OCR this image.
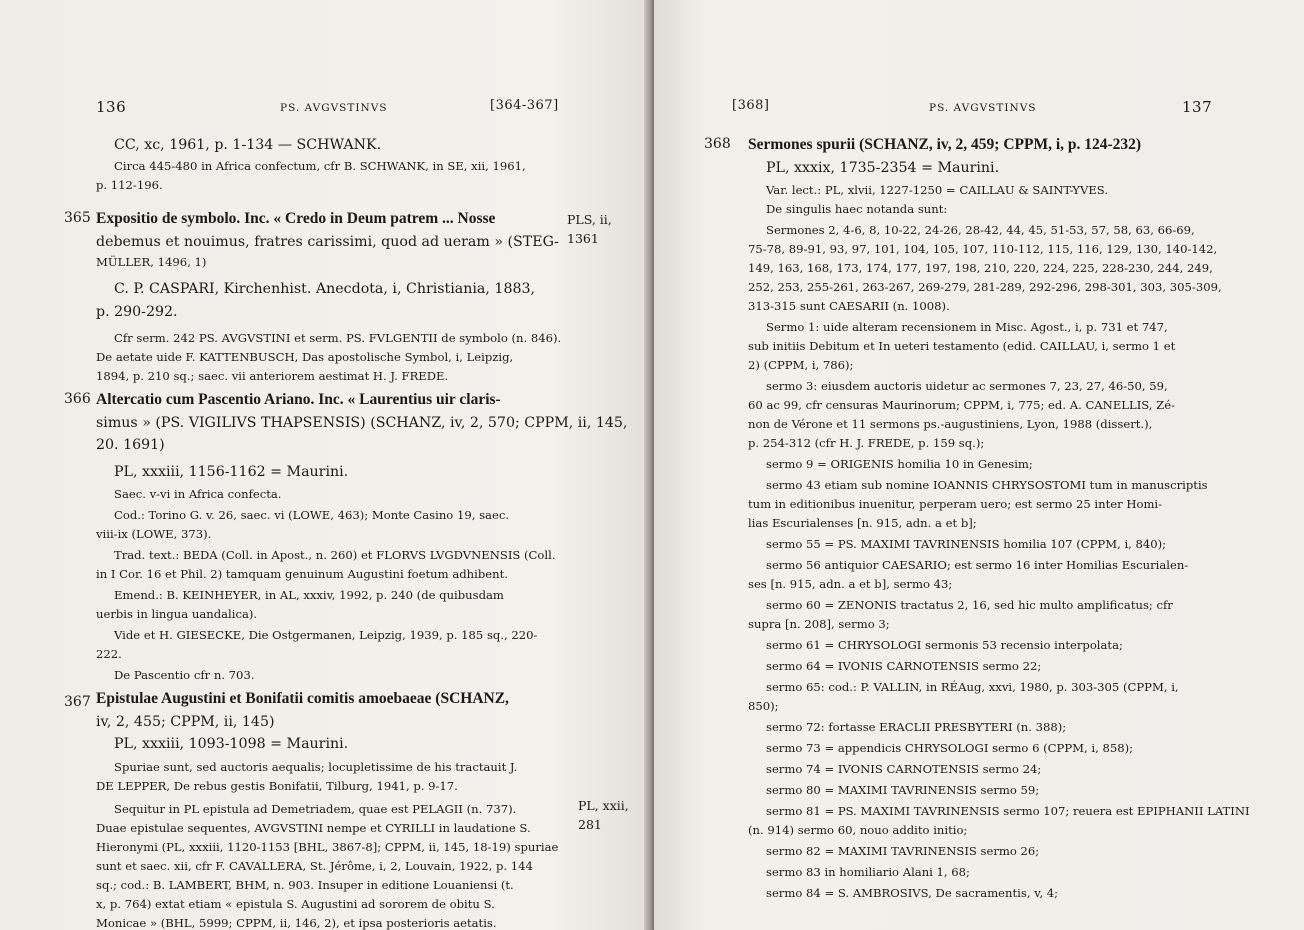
136	PS. AVGVSTINVS	[364-367]

CC, xc, 1961, p. 1-134 — SCHWANK.

Circa 445-480 in Africa confectum, cfr B. SCHWANK, in SE, xii, 1961,

p. 112-196.

365 Expositio de symbolo. Inc. « Credo in Deum patrem ... Nosse

debemus et nouimus, fratres carissimi, quod ad ueram » (STEG-

MÜLLER, 1496, 1)

C. P. CASPARI, Kirchenhist. Anecdota, i, Christiania, 1883,

p. 290-292.

Cfr serm. 242 PS. AVGVSTINI et serm. PS. FVLGENTII de symbolo (n. 846).

De aetate uide F. KATTENBUSCH, Das apostolische Symbol, i, Leipzig,

1894, p. 210 sq.; saec. vii anteriorem aestimat H. J. FREDE.

PLS, ii,

1361

366 Altercatio cum Pascentio Ariano. Inc. « Laurentius uir claris-

simus » (PS. VIGILIVS THAPSENSIS) (SCHANZ, iv, 2, 570; CPPM, ii, 145,

20. 1691)

PL, xxxiii, 1156-1162 = Maurini.

Saec. v-vi in Africa confecta.

Cod.: Torino G. v. 26, saec. vi (LOWE, 463); Monte Casino 19, saec.

viii-ix (LOWE, 373).

Trad. text.: BEDA (Coll. in Apost., n. 260) et FLORVS LVGDVNENSIS (Coll.

in I Cor. 16 et Phil. 2) tamquam genuinum Augustini foetum adhibent.

Emend.: B. KEINHEYER, in AL, xxxiv, 1992, p. 240 (de quibusdam

uerbis in lingua uandalica).

Vide et H. GIESECKE, Die Ostgermanen, Leipzig, 1939, p. 185 sq., 220-

222.

De Pascentio cfr n. 703.

367 Epistulae Augustini et Bonifatii comitis amoebaeae (SCHANZ,

iv, 2, 455; CPPM, ii, 145)

PL, xxxiii, 1093-1098 = Maurini.

Spuriae sunt, sed auctoris aequalis; locupletissime de his tractauit J.

DE LEPPER, De rebus gestis Bonifatii, Tilburg, 1941, p. 9-17.

Sequitur in PL epistula ad Demetriadem, quae est PELAGII (n. 737).

Duae epistulae sequentes, AVGVSTINI nempe et CYRILLI in laudatione S.

Hieronymi (PL, xxxiii, 1120-1153 [BHL, 3867-8]; CPPM, ii, 145, 18-19) spuriae

sunt et saec. xii, cfr F. CAVALLERA, St. Jérôme, i, 2, Louvain, 1922, p. 144

sq.; cod.: B. LAMBERT, BHM, n. 903. Insuper in editione Louaniensi (t.

x, p. 764) extat etiam « epistula S. Augustini ad sororem de obitu S.

Monicae » (BHL, 5999; CPPM, ii, 146, 2), et ipsa posterioris aetatis.

PL, xxii,

281

[368]	PS. AVGVSTINVS	137
368 Sermones spurii (SCHANZ, iv, 2, 459; CPPM, i, p. 124-232)

PL, xxxix, 1735-2354 = Maurini.

Var. lect.: PL, xlvii, 1227-1250 = CAILLAU & SAINT-YVES.

De singulis haec notanda sunt:

Sermones 2, 4-6, 8, 10-22, 24-26, 28-42, 44, 45, 51-53, 57, 58, 63, 66-69,

75-78, 89-91, 93, 97, 101, 104, 105, 107, 110-112, 115, 116, 129, 130, 140-142,

149, 163, 168, 173, 174, 177, 197, 198, 210, 220, 224, 225, 228-230, 244, 249,

252, 253, 255-261, 263-267, 269-279, 281-289, 292-296, 298-301, 303, 305-309,

313-315 sunt CAESARII (n. 1008).

Sermo 1: uide alteram recensionem in Misc. Agost., i, p. 731 et 747,

sub initiis Debitum et In ueteri testamento (edid. CAILLAU, i, sermo 1 et

2) (CPPM, i, 786);

sermo 3: eiusdem auctoris uidetur ac sermones 7, 23, 27, 46-50, 59,

60 ac 99, cfr censuras Maurinorum; CPPM, i, 775; ed. A. CANELLIS, Zé-

non de Vérone et 11 sermons ps.-augustiniens, Lyon, 1988 (dissert.),

p. 254-312 (cfr H. J. FREDE, p. 159 sq.);

sermo 9 = ORIGENIS homilia 10 in Genesim;

sermo 43 etiam sub nomine IOANNIS CHRYSOSTOMI tum in manuscriptis

tum in editionibus inuenitur, perperam uero; est sermo 25 inter Homi-

lias Escurialenses [n. 915, adn. a et b];

sermo 55 = PS. MAXIMI TAVRINENSIS homilia 107 (CPPM, i, 840);

sermo 56 antiquior CAESARIO; est sermo 16 inter Homilias Escurialen-

ses [n. 915, adn. a et b], sermo 43;

sermo 60 = ZENONIS tractatus 2, 16, sed hic multo amplificatus; cfr

supra [n. 208], sermo 3;

sermo 61 = CHRYSOLOGI sermonis 53 recensio interpolata;

sermo 64 = IVONIS CARNOTENSIS sermo 22;

sermo 65: cod.: P. VALLIN, in RÉAug, xxvi, 1980, p. 303-305 (CPPM, i,

850);

sermo 72: fortasse ERACLII PRESBYTERI (n. 388);

sermo 73 = appendicis CHRYSOLOGI sermo 6 (CPPM, i, 858);

sermo 74 = IVONIS CARNOTENSIS sermo 24;

sermo 80 = MAXIMI TAVRINENSIS sermo 59;

sermo 81 = PS. MAXIMI TAVRINENSIS sermo 107; reuera est EPIPHANII LATINI

(n. 914) sermo 60, nouo addito initio;

sermo 82 = MAXIMI TAVRINENSIS sermo 26;

sermo 83 in homiliario Alani 1, 68;

sermo 84 = S. AMBROSIVS, De sacramentis, v, 4;
